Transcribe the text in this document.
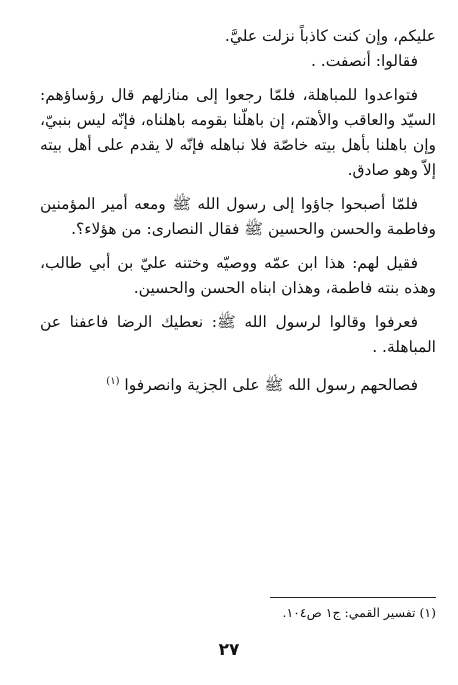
عليكم، وإن كنت كاذباً نزلت عليَّ.

فقالوا: أنصفت. .

فتواعدوا للمباهلة، فلمّا رجعوا إلى منازلهم قال رؤساؤهم: السيّد والعاقب والأهتم، إن باهلّنا بقومه باهلناه، فإنّه ليس بنبيّ، وإن باهلنا بأهل بيته خاصّة فلا نباهله فإنّه لا يقدم على أهل بيته إلاّ وهو صادق.

فلمّا أصبحوا جاؤوا إلى رسول الله ﷺ ومعه أمير المؤمنين وفاطمة والحسن والحسين ﷺ فقال النصارى: من هؤلاء؟.

فقيل لهم: هذا ابن عمّه ووصيّه وختنه عليّ بن أبي طالب، وهذه بنته فاطمة، وهذان ابناه الحسن والحسين.

فعرفوا وقالوا لرسول الله ﷺ: نعطيك الرضا فاعفنا عن المباهلة. .

فصالحهم رسول الله ﷺ على الجزية وانصرفوا $^{(١)}$

(١) تفسير القمي: ج١ ص١٠٤.
٢٧
